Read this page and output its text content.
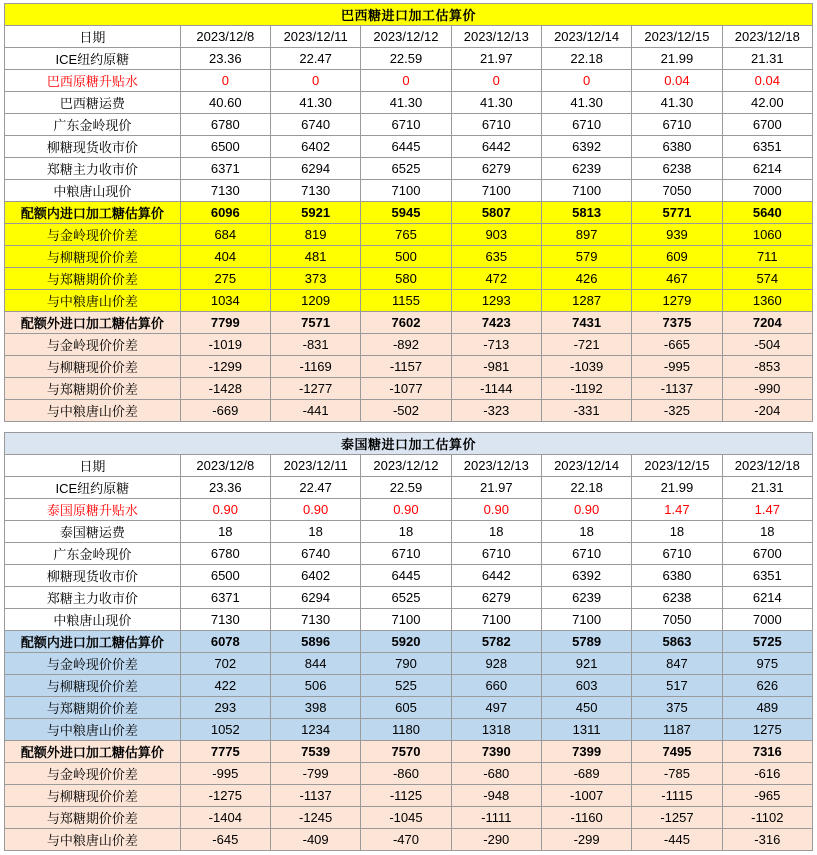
巴西糖进口加工估算价							
日期	2023/12/8	2023/12/11	2023/12/12	2023/12/13	2023/12/14	2023/12/15	2023/12/18
ICE纽约原糖	23.36	22.47	22.59	21.97	22.18	21.99	21.31
巴西原糖升贴水	0	0	0	0	0	0.04	0.04
巴西糖运费	40.60	41.30	41.30	41.30	41.30	41.30	42.00
广东金岭现价	6780	6740	6710	6710	6710	6710	6700
柳糖现货收市价	6500	6402	6445	6442	6392	6380	6351
郑糖主力收市价	6371	6294	6525	6279	6239	6238	6214
中粮唐山现价	7130	7130	7100	7100	7100	7050	7000
配额内进口加工糖估算价	6096	5921	5945	5807	5813	5771	5640
与金岭现价价差	684	819	765	903	897	939	1060
与柳糖现价价差	404	481	500	635	579	609	711
与郑糖期价价差	275	373	580	472	426	467	574
与中粮唐山价差	1034	1209	1155	1293	1287	1279	1360
配额外进口加工糖估算价	7799	7571	7602	7423	7431	7375	7204
与金岭现价价差	-1019	-831	-892	-713	-721	-665	-504
与柳糖现价价差	-1299	-1169	-1157	-981	-1039	-995	-853
与郑糖期价价差	-1428	-1277	-1077	-1144	-1192	-1137	-990
与中粮唐山价差	-669	-441	-502	-323	-331	-325	-204
泰国糖进口加工估算价							
日期	2023/12/8	2023/12/11	2023/12/12	2023/12/13	2023/12/14	2023/12/15	2023/12/18
ICE纽约原糖	23.36	22.47	22.59	21.97	22.18	21.99	21.31
泰国原糖升贴水	0.90	0.90	0.90	0.90	0.90	1.47	1.47
泰国糖运费	18	18	18	18	18	18	18
广东金岭现价	6780	6740	6710	6710	6710	6710	6700
柳糖现货收市价	6500	6402	6445	6442	6392	6380	6351
郑糖主力收市价	6371	6294	6525	6279	6239	6238	6214
中粮唐山现价	7130	7130	7100	7100	7100	7050	7000
配额内进口加工糖估算价	6078	5896	5920	5782	5789	5863	5725
与金岭现价价差	702	844	790	928	921	847	975
与柳糖现价价差	422	506	525	660	603	517	626
与郑糖期价价差	293	398	605	497	450	375	489
与中粮唐山价差	1052	1234	1180	1318	1311	1187	1275
配额外进口加工糖估算价	7775	7539	7570	7390	7399	7495	7316
与金岭现价价差	-995	-799	-860	-680	-689	-785	-616
与柳糖现价价差	-1275	-1137	-1125	-948	-1007	-1115	-965
与郑糖期价价差	-1404	-1245	-1045	-1111	-1160	-1257	-1102
与中粮唐山价差	-645	-409	-470	-290	-299	-445	-316
